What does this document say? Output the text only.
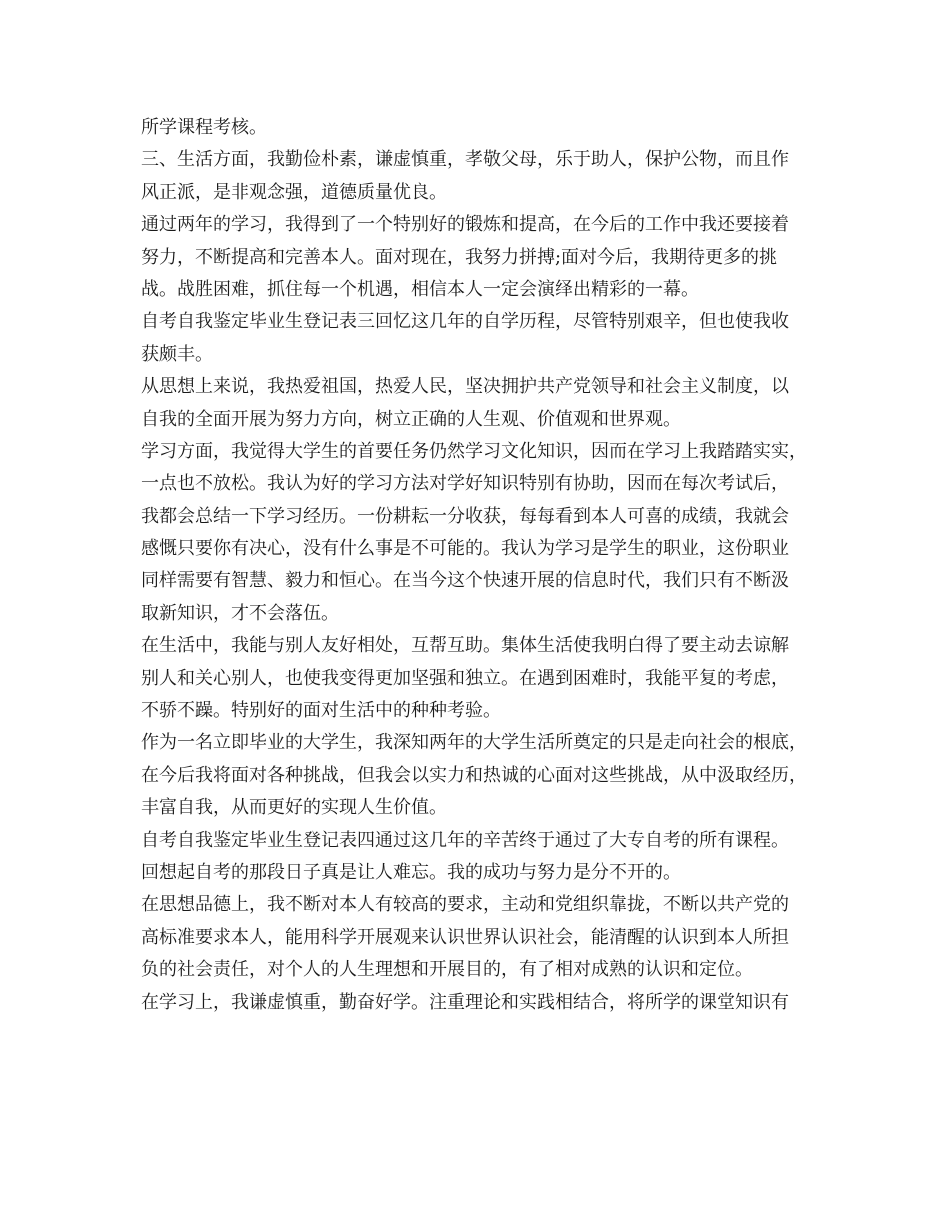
所学课程考核。
三、生活方面，我勤俭朴素，谦虚慎重，孝敬父母，乐于助人，保护公物，而且作
风正派，是非观念强，道德质量优良。
通过两年的学习，我得到了一个特别好的锻炼和提高，在今后的工作中我还要接着
努力，不断提高和完善本人。面对现在，我努力拼搏;面对今后，我期待更多的挑
战。战胜困难，抓住每一个机遇，相信本人一定会演绎出精彩的一幕。
自考自我鉴定毕业生登记表三回忆这几年的自学历程，尽管特别艰辛，但也使我收
获颇丰。
从思想上来说，我热爱祖国，热爱人民，坚决拥护共产党领导和社会主义制度，以
自我的全面开展为努力方向，树立正确的人生观、价值观和世界观。
学习方面，我觉得大学生的首要任务仍然学习文化知识，因而在学习上我踏踏实实，
一点也不放松。我认为好的学习方法对学好知识特别有协助，因而在每次考试后，
我都会总结一下学习经历。一份耕耘一分收获，每每看到本人可喜的成绩，我就会
感慨只要你有决心，没有什么事是不可能的。我认为学习是学生的职业，这份职业
同样需要有智慧、毅力和恒心。在当今这个快速开展的信息时代，我们只有不断汲
取新知识，才不会落伍。
在生活中，我能与别人友好相处，互帮互助。集体生活使我明白得了要主动去谅解
别人和关心别人，也使我变得更加坚强和独立。在遇到困难时，我能平复的考虑，
不骄不躁。特别好的面对生活中的种种考验。
作为一名立即毕业的大学生，我深知两年的大学生活所奠定的只是走向社会的根底，
在今后我将面对各种挑战，但我会以实力和热诚的心面对这些挑战，从中汲取经历，
丰富自我，从而更好的实现人生价值。
自考自我鉴定毕业生登记表四通过这几年的辛苦终于通过了大专自考的所有课程。
回想起自考的那段日子真是让人难忘。我的成功与努力是分不开的。
在思想品德上，我不断对本人有较高的要求，主动和党组织靠拢，不断以共产党的
高标准要求本人，能用科学开展观来认识世界认识社会，能清醒的认识到本人所担
负的社会责任，对个人的人生理想和开展目的，有了相对成熟的认识和定位。
在学习上，我谦虚慎重，勤奋好学。注重理论和实践相结合，将所学的课堂知识有
